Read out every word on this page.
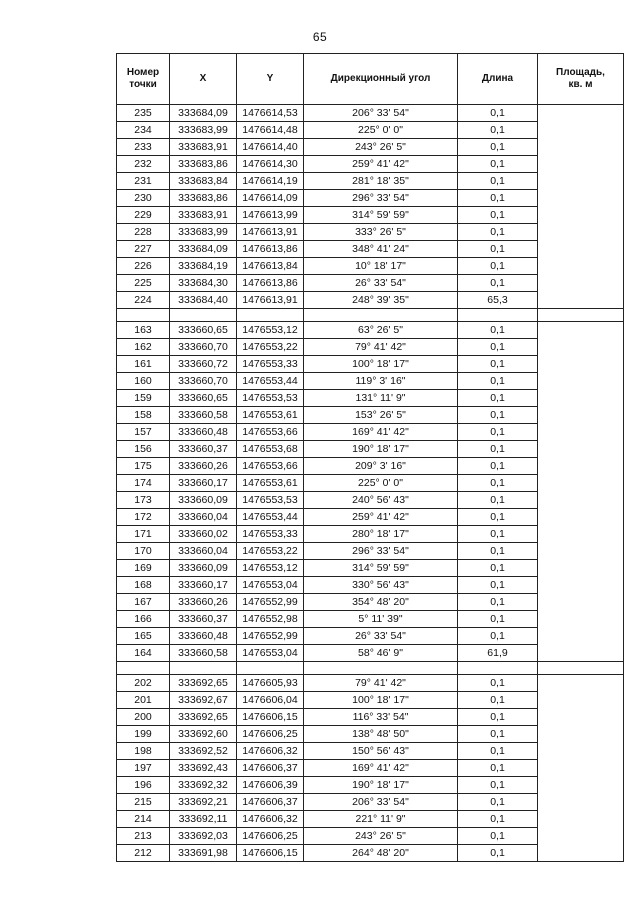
65
Номер
точки	X	Y	Дирекционный угол	Длина	Площадь,
кв. м
235	333684,09	1476614,53	206° 33' 54"	0,1	
234	333683,99	1476614,48	225° 0' 0"	0,1	
233	333683,91	1476614,40	243° 26' 5"	0,1	
232	333683,86	1476614,30	259° 41' 42"	0,1	
231	333683,84	1476614,19	281° 18' 35"	0,1	
230	333683,86	1476614,09	296° 33' 54"	0,1	
229	333683,91	1476613,99	314° 59' 59"	0,1	
228	333683,99	1476613,91	333° 26' 5"	0,1	
227	333684,09	1476613,86	348° 41' 24"	0,1	
226	333684,19	1476613,84	10° 18' 17"	0,1	
225	333684,30	1476613,86	26° 33' 54"	0,1	
224	333684,40	1476613,91	248° 39' 35"	65,3	

163	333660,65	1476553,12	63° 26' 5"	0,1	
162	333660,70	1476553,22	79° 41' 42"	0,1	
161	333660,72	1476553,33	100° 18' 17"	0,1	
160	333660,70	1476553,44	119° 3' 16"	0,1	
159	333660,65	1476553,53	131° 11' 9"	0,1	
158	333660,58	1476553,61	153° 26' 5"	0,1	
157	333660,48	1476553,66	169° 41' 42"	0,1	
156	333660,37	1476553,68	190° 18' 17"	0,1	
175	333660,26	1476553,66	209° 3' 16"	0,1	
174	333660,17	1476553,61	225° 0' 0"	0,1	
173	333660,09	1476553,53	240° 56' 43"	0,1	
172	333660,04	1476553,44	259° 41' 42"	0,1	
171	333660,02	1476553,33	280° 18' 17"	0,1	
170	333660,04	1476553,22	296° 33' 54"	0,1	
169	333660,09	1476553,12	314° 59' 59"	0,1	
168	333660,17	1476553,04	330° 56' 43"	0,1	
167	333660,26	1476552,99	354° 48' 20"	0,1	
166	333660,37	1476552,98	5° 11' 39"	0,1	
165	333660,48	1476552,99	26° 33' 54"	0,1	
164	333660,58	1476553,04	58° 46' 9"	61,9	

202	333692,65	1476605,93	79° 41' 42"	0,1	
201	333692,67	1476606,04	100° 18' 17"	0,1	
200	333692,65	1476606,15	116° 33' 54"	0,1	
199	333692,60	1476606,25	138° 48' 50"	0,1	
198	333692,52	1476606,32	150° 56' 43"	0,1	
197	333692,43	1476606,37	169° 41' 42"	0,1	
196	333692,32	1476606,39	190° 18' 17"	0,1	
215	333692,21	1476606,37	206° 33' 54"	0,1	
214	333692,11	1476606,32	221° 11' 9"	0,1	
213	333692,03	1476606,25	243° 26' 5"	0,1	
212	333691,98	1476606,15	264° 48' 20"	0,1	
